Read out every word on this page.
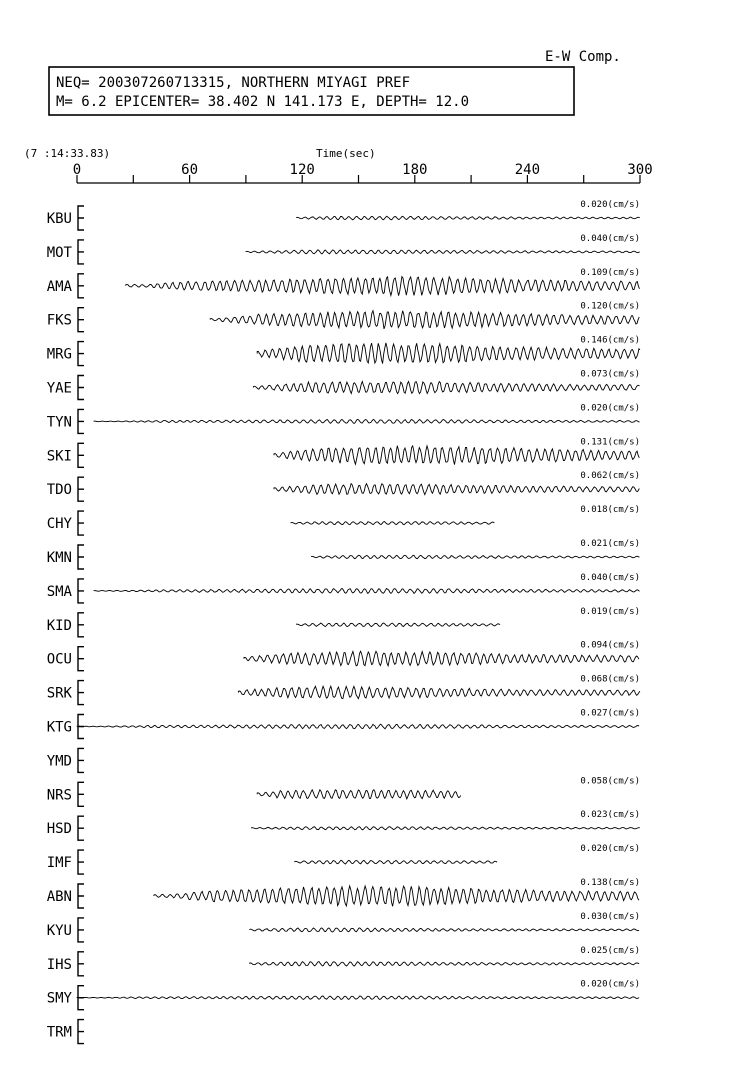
E-W Comp.
NEQ= 200307260713315, NORTHERN MIYAGI PREF
M= 6.2 EPICENTER= 38.402 N 141.173 E, DEPTH= 12.0
(7 :14:33.83)	Time(sec)
0	60	120	180	240	300
KBU
0.020(cm/s)
MOT
0.040(cm/s)
AMA
0.109(cm/s)
FKS
0.120(cm/s)
MRG
0.146(cm/s)
YAE
0.073(cm/s)
TYN
0.020(cm/s)
SKI
0.131(cm/s)
TDO
0.062(cm/s)
CHY
0.018(cm/s)
KMN
0.021(cm/s)
SMA
0.040(cm/s)
KID
0.019(cm/s)
OCU
0.094(cm/s)
SRK
0.068(cm/s)
KTG
0.027(cm/s)
YMD
NRS
0.058(cm/s)
HSD
0.023(cm/s)
IMF
0.020(cm/s)
ABN
0.138(cm/s)
KYU
0.030(cm/s)
IHS
0.025(cm/s)
SMY
0.020(cm/s)
TRM
